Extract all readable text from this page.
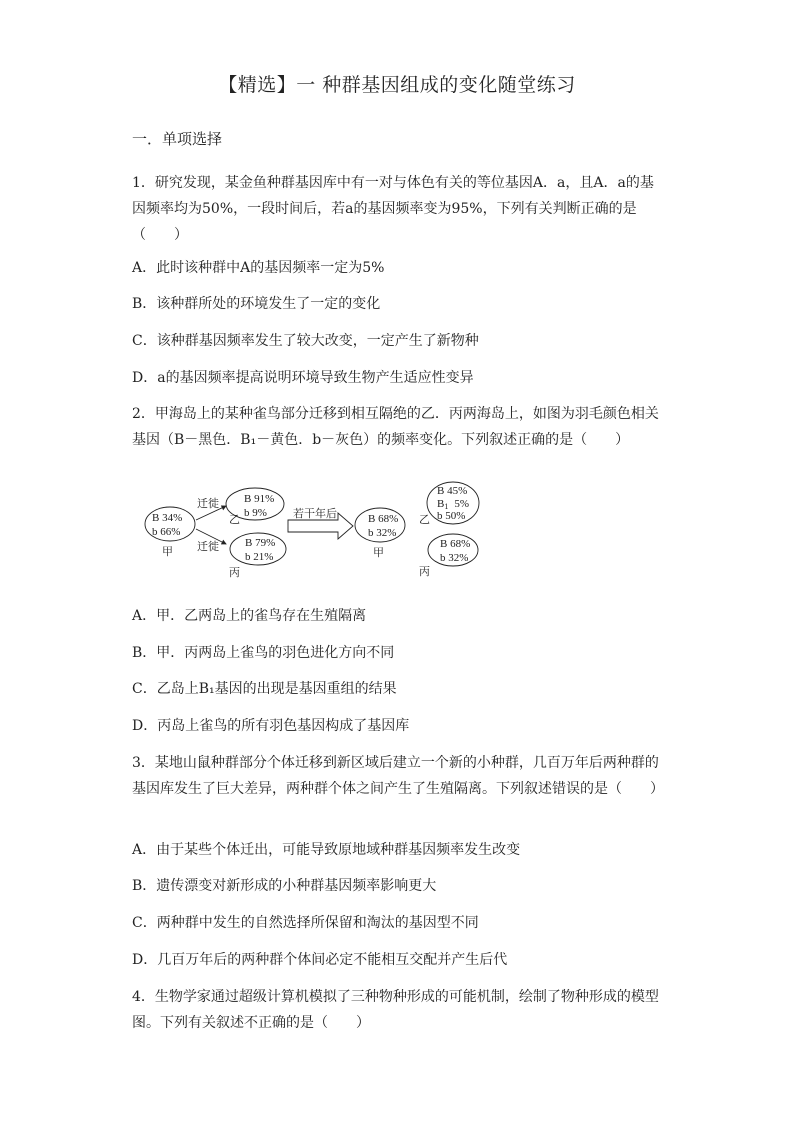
【精选】一 种群基因组成的变化随堂练习
一．单项选择
1．研究发现，某金鱼种群基因库中有一对与体色有关的等位基因A．a，且A．a的基因频率均为50%，一段时间后，若a的基因频率变为95%，下列有关判断正确的是（　　）
A．此时该种群中A的基因频率一定为5%
B．该种群所处的环境发生了一定的变化
C．该种群基因频率发生了较大改变，一定产生了新物种
D．a的基因频率提高说明环境导致生物产生适应性变异
2．甲海岛上的某种雀鸟部分迁移到相互隔绝的乙．丙两海岛上，如图为羽毛颜色相关基因（B－黑色．B₁－黄色．b－灰色）的频率变化。下列叙述正确的是（　　）
B 34%
b 66%
甲
迁徙
迁徙
B 91%
b 9%
乙
B 79%
b 21%
丙
若干年后	B 68%
b 32%
甲
B 45%
B1 5%
b 50%
乙
B 68%
b 32%
丙
A．甲．乙两岛上的雀鸟存在生殖隔离
B．甲．丙两岛上雀鸟的羽色进化方向不同
C．乙岛上B₁基因的出现是基因重组的结果
D．丙岛上雀鸟的所有羽色基因构成了基因库
3．某地山鼠种群部分个体迁移到新区域后建立一个新的小种群，几百万年后两种群的基因库发生了巨大差异，两种群个体之间产生了生殖隔离。下列叙述错误的是（　　）
A．由于某些个体迁出，可能导致原地域种群基因频率发生改变
B．遗传漂变对新形成的小种群基因频率影响更大
C．两种群中发生的自然选择所保留和淘汰的基因型不同
D．几百万年后的两种群个体间必定不能相互交配并产生后代
4．生物学家通过超级计算机模拟了三种物种形成的可能机制，绘制了物种形成的模型图。下列有关叙述不正确的是（　　）
